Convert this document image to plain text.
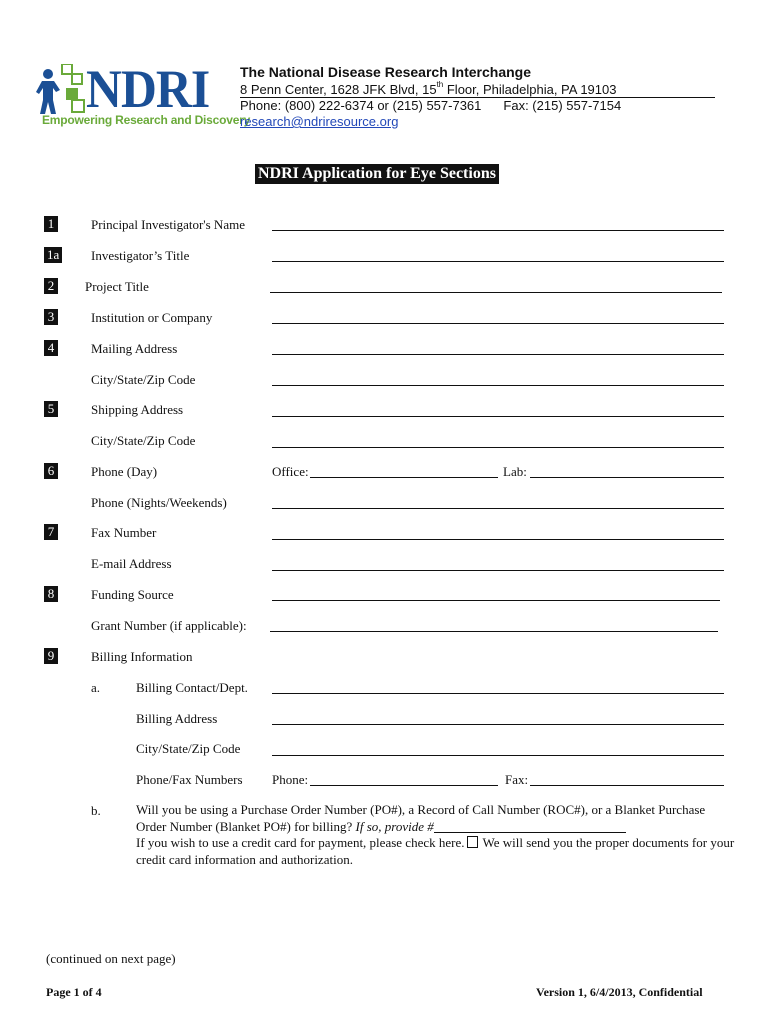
NDRI
Empowering Research and Discovery
The National Disease Research Interchange
8 Penn Center, 1628 JFK Blvd, 15th Floor, Philadelphia, PA 19103
Phone: (800) 222-6374 or (215) 557-7361 Fax: (215) 557-7154
research@ndriresource.org
NDRI Application for Eye Sections
1	Principal Investigator's Name
1a Investigator’s Title
2 Project Title
3	Institution or Company
4	Mailing Address
City/State/Zip Code
5	Shipping Address
City/State/Zip Code
6	Phone (Day)	Office:	Lab:
Phone (Nights/Weekends)
7	Fax Number
E-mail Address
8	Funding Source
Grant Number (if applicable):
9	Billing Information
a.	Billing Contact/Dept.
Billing Address
City/State/Zip Code
Phone/Fax Numbers Phone:	Fax:
b.	Will you be using a Purchase Order Number (PO#), a Record of Call Number (ROC#), or a Blanket Purchase Order Number (Blanket PO#) for billing? If so, provide #
If you wish to use a credit card for payment, please check here. We will send you the proper documents for your credit card information and authorization.
(continued on next page)
Page 1 of 4	Version 1, 6/4/2013, Confidential
